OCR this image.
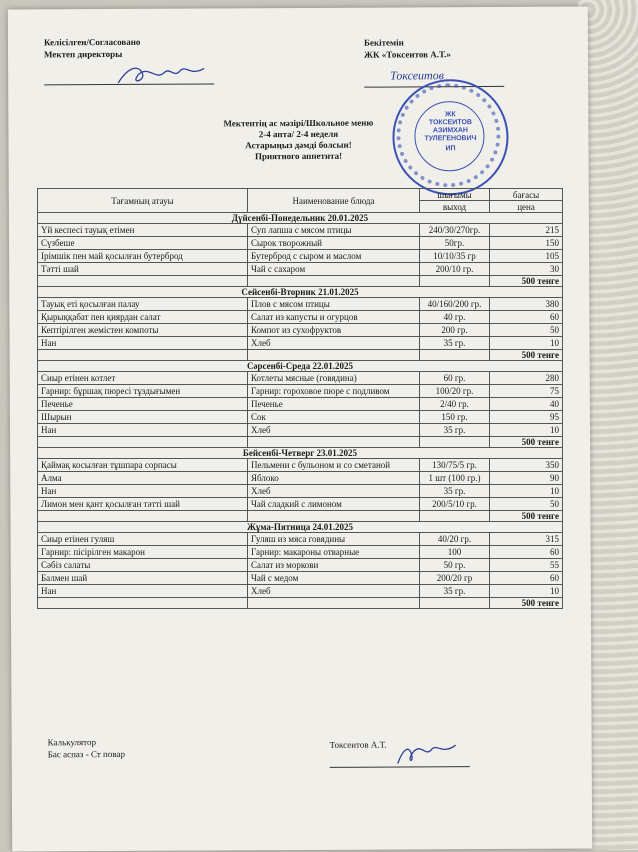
Келісілген/Согласовано
Мектеп директоры
Бекітемін
ЖК «Токсеитов А.Т.»
Токсеитов
ЖК
ТОКСЕИТОВ
АЗИМХАН
ТУЛЕГЕНОВИЧ
ИП
Мектептің ас мәзірі/Школьное меню
2-4 апта/ 2-4 неделя
Астарыңыз дәмді болсын!
Приятного аппетита!
Калькулятор
Бас аспаз - Ст повар
Токсеитов А.Т.
Тағамның атауы	Наименование блюда	шығымы	бағасы
		выход	цена
Дүйсенбі-Понедельник 20.01.2025			
Үй кеспесі тауық етімен	Суп лапша с мясом птицы	240/30/270гр.	215
Сүзбеше	Сырок творожный	50гр.	150
Ірімшік пен май қосылған бутерброд	Бутерброд с сыром и маслом	10/10/35 гр	105
Тәтті шай	Чай с сахаром	200/10 гр.	30
			500 тенге
Сейсенбі-Вторник 21.01.2025			
Тауық еті қосылған палау	Плов с мясом птицы	40/160/200 гр.	380
Қырыққабат пен қиярдан салат	Салат из капусты и огурцов	40 гр.	60
Кептірілген жемістен компоты	Компот из сухофруктов	200 гр.	50
Нан	Хлеб	35 гр.	10
			500 тенге
Сәрсенбі-Среда 22.01.2025			
Сиыр етінен котлет	Котлеты мясные (говядина)	60 гр.	280
Гарнир: бұршақ пюресі тұздығымен	Гарнир: гороховое пюре с подливом	100/20 гр.	75
Печенье	Печенье	2/40 гр.	40
Шырын	Сок	150 гр.	95
Нан	Хлеб	35 гр.	10
			500 тенге
Бейсенбі-Четверг 23.01.2025			
Қаймақ косылған тұшпара сорпасы	Пельмени с бульоном и со сметаной	130/75/5 гр.	350
Алма	Яблоко	1 шт (100 гр.)	90
Нан	Хлеб	35 гр.	10
Лимон мен қант қосылған тәтті шай	Чай сладкий с лимоном	200/5/10 гр.	50
			500 тенге
Жұма-Пятница 24.01.2025			
Сиыр етінен гуляш	Гуляш из мяса говядины	40/20 гр.	315
Гарнир: пісірілген макарон	Гарнир: макароны отварные	100	60
Сәбіз салаты	Салат из моркови	50 гр.	55
Балмен шай	Чай с медом	200/20 гр	60
Нан	Хлеб	35 гр.	10
			500 тенге
